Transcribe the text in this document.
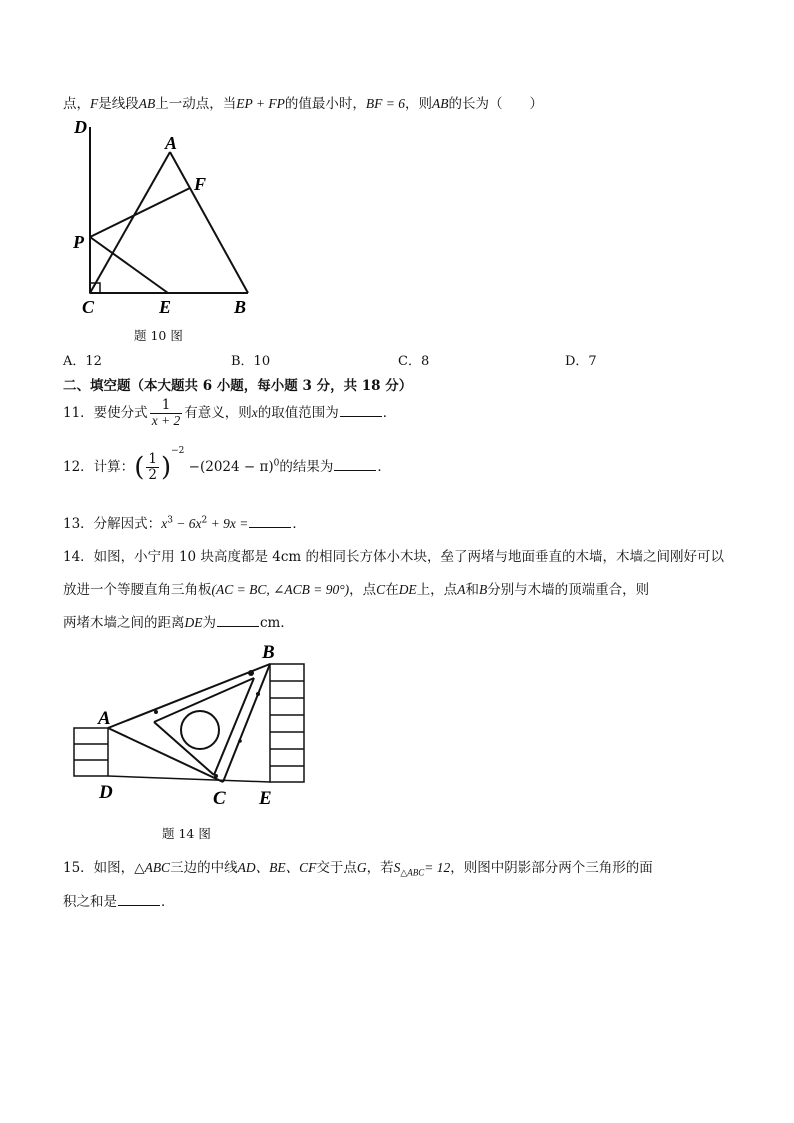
点，F是线段AB上一动点，当EP + FP的值最小时，BF = 6，则AB的长为（　　）
D
A
F
P
C	E	B
题 10 图
A．12	B．10	C．8	D．7
二、填空题（本大题共 6 小题，每小题 3 分，共 18 分）
11．要使分式 $\frac{1}{x + 2}$ 有意义，则x的取值范围为	．
12．计算：( $\frac{1}{2} )^{-2} -(2024 - \pi)^0$的结果为	．
13．分解因式：$x^3 - 6x^2 + 9x$ =	．
14．如图，小宁用 10 块高度都是 4cm 的相同长方体小木块，垒了两堵与地面垂直的木墙，木墙之间刚好可以
放进一个等腰直角三角板(AC = BC, ∠ACB = 90°)，点C在DE上，点A和B分别与木墙的顶端重合，则
两堵木墙之间的距离DE为	cm．
A
B
C
D	E
题 14 图
15．如图，△ABC三边的中线AD、BE、CF交于点G，若$S_{\triangle ABC}= 12$，则图中阴影部分两个三角形的面
积之和是	．
